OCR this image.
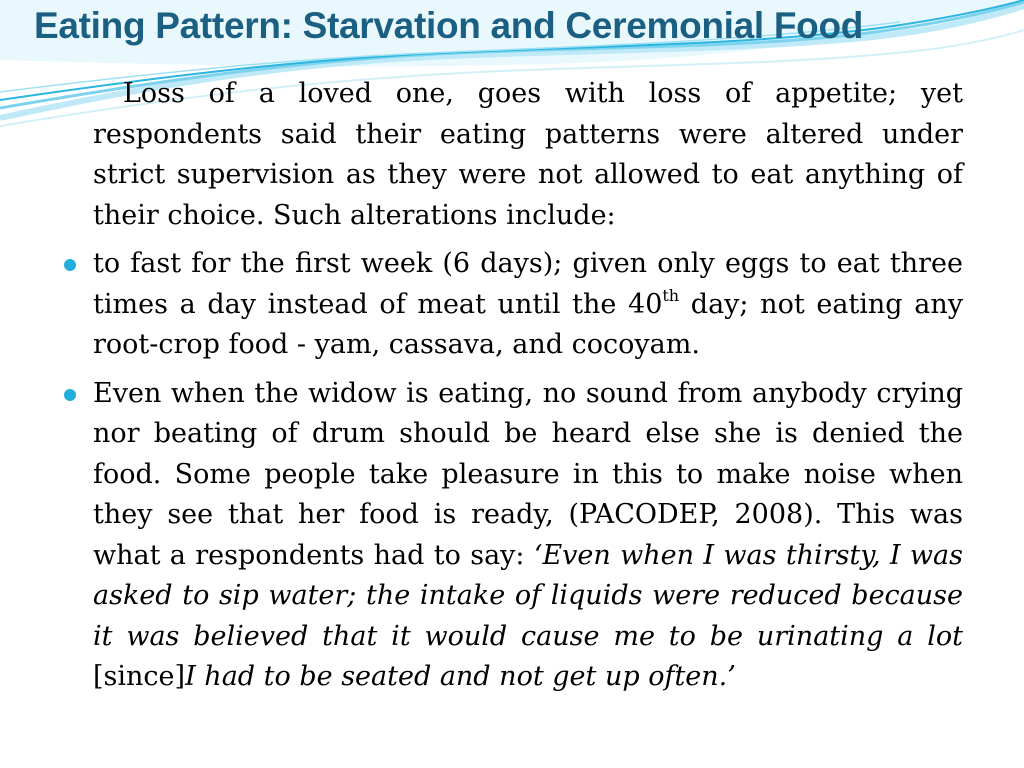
Eating Pattern: Starvation and Ceremonial Food

Loss of a loved one, goes with loss of appetite; yet respondents said their eating patterns were altered under strict supervision as they were not allowed to eat anything of their choice. Such alterations include:

to fast for the first week (6 days); given only eggs to eat three times a day instead of meat until the 40th day; not eating any root-crop food - yam, cassava, and cocoyam.

Even when the widow is eating, no sound from anybody crying nor beating of drum should be heard else she is denied the food. Some people take pleasure in this to make noise when they see that her food is ready, (PACODEP, 2008). This was what a respondents had to say: ‘Even when I was thirsty, I was asked to sip water; the intake of liquids were reduced because it was believed that it would cause me to be urinating a lot [since]I had to be seated and not get up often.’
